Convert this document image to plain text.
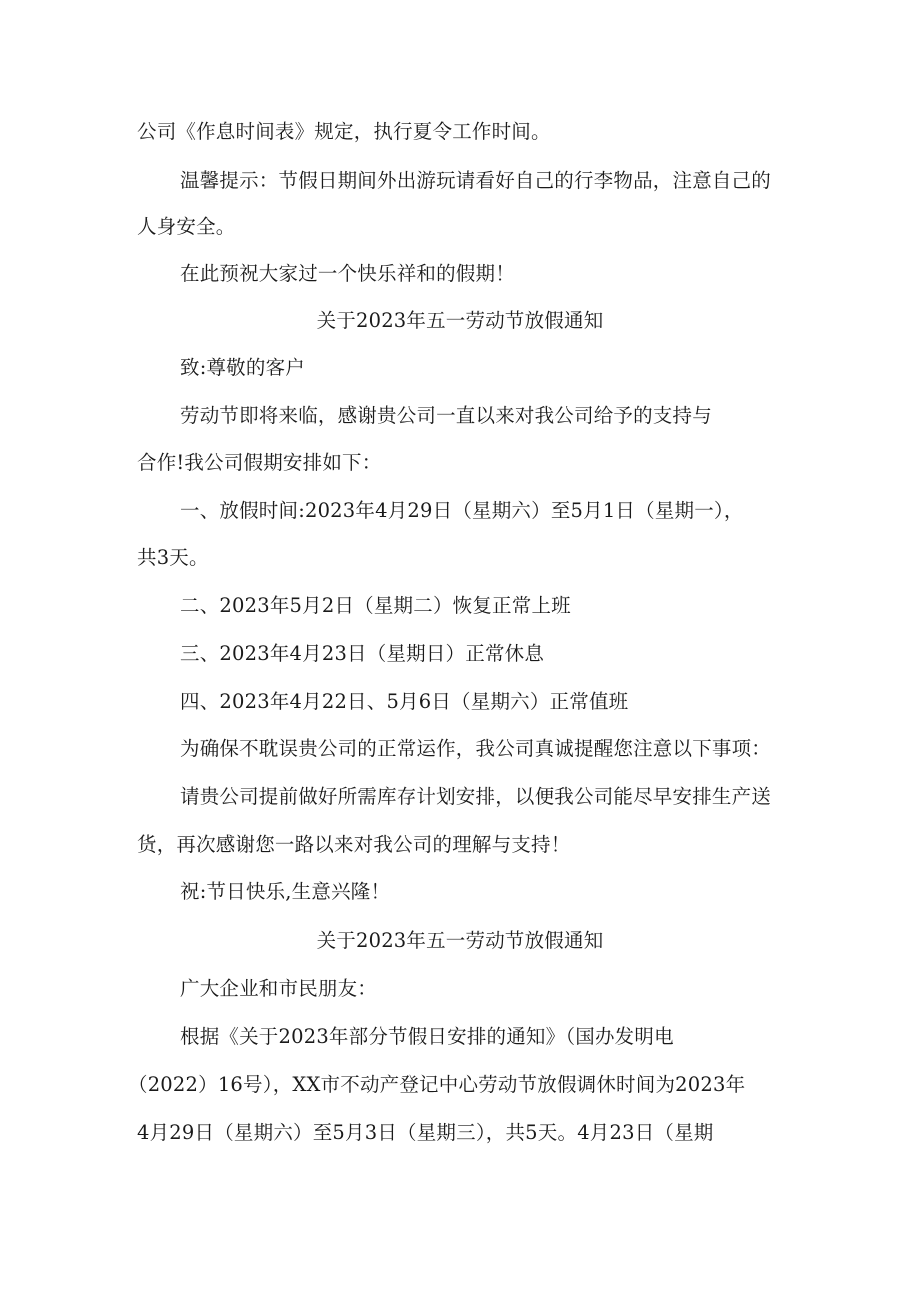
公司《作息时间表》规定，执行夏令工作时间。
温馨提示：节假日期间外出游玩请看好自己的行李物品，注意自己的
人身安全。
在此预祝大家过一个快乐祥和的假期！
关于2023年五一劳动节放假通知
致:尊敬的客户
劳动节即将来临，感谢贵公司一直以来对我公司给予的支持与
合作!我公司假期安排如下：
一、放假时间:2023年4月29日（星期六）至5月1日（星期一），
共3天。
二、2023年5月2日（星期二）恢复正常上班
三、2023年4月23日（星期日）正常休息
四、2023年4月22日、5月6日（星期六）正常值班
为确保不耽误贵公司的正常运作，我公司真诚提醒您注意以下事项：
请贵公司提前做好所需库存计划安排，以便我公司能尽早安排生产送
货，再次感谢您一路以来对我公司的理解与支持！
祝:节日快乐,生意兴隆！
关于2023年五一劳动节放假通知
广大企业和市民朋友：
根据《关于2023年部分节假日安排的通知》（国办发明电
（2022）16号），XX市不动产登记中心劳动节放假调休时间为2023年
4月29日（星期六）至5月3日（星期三），共5天。4月23日（星期
